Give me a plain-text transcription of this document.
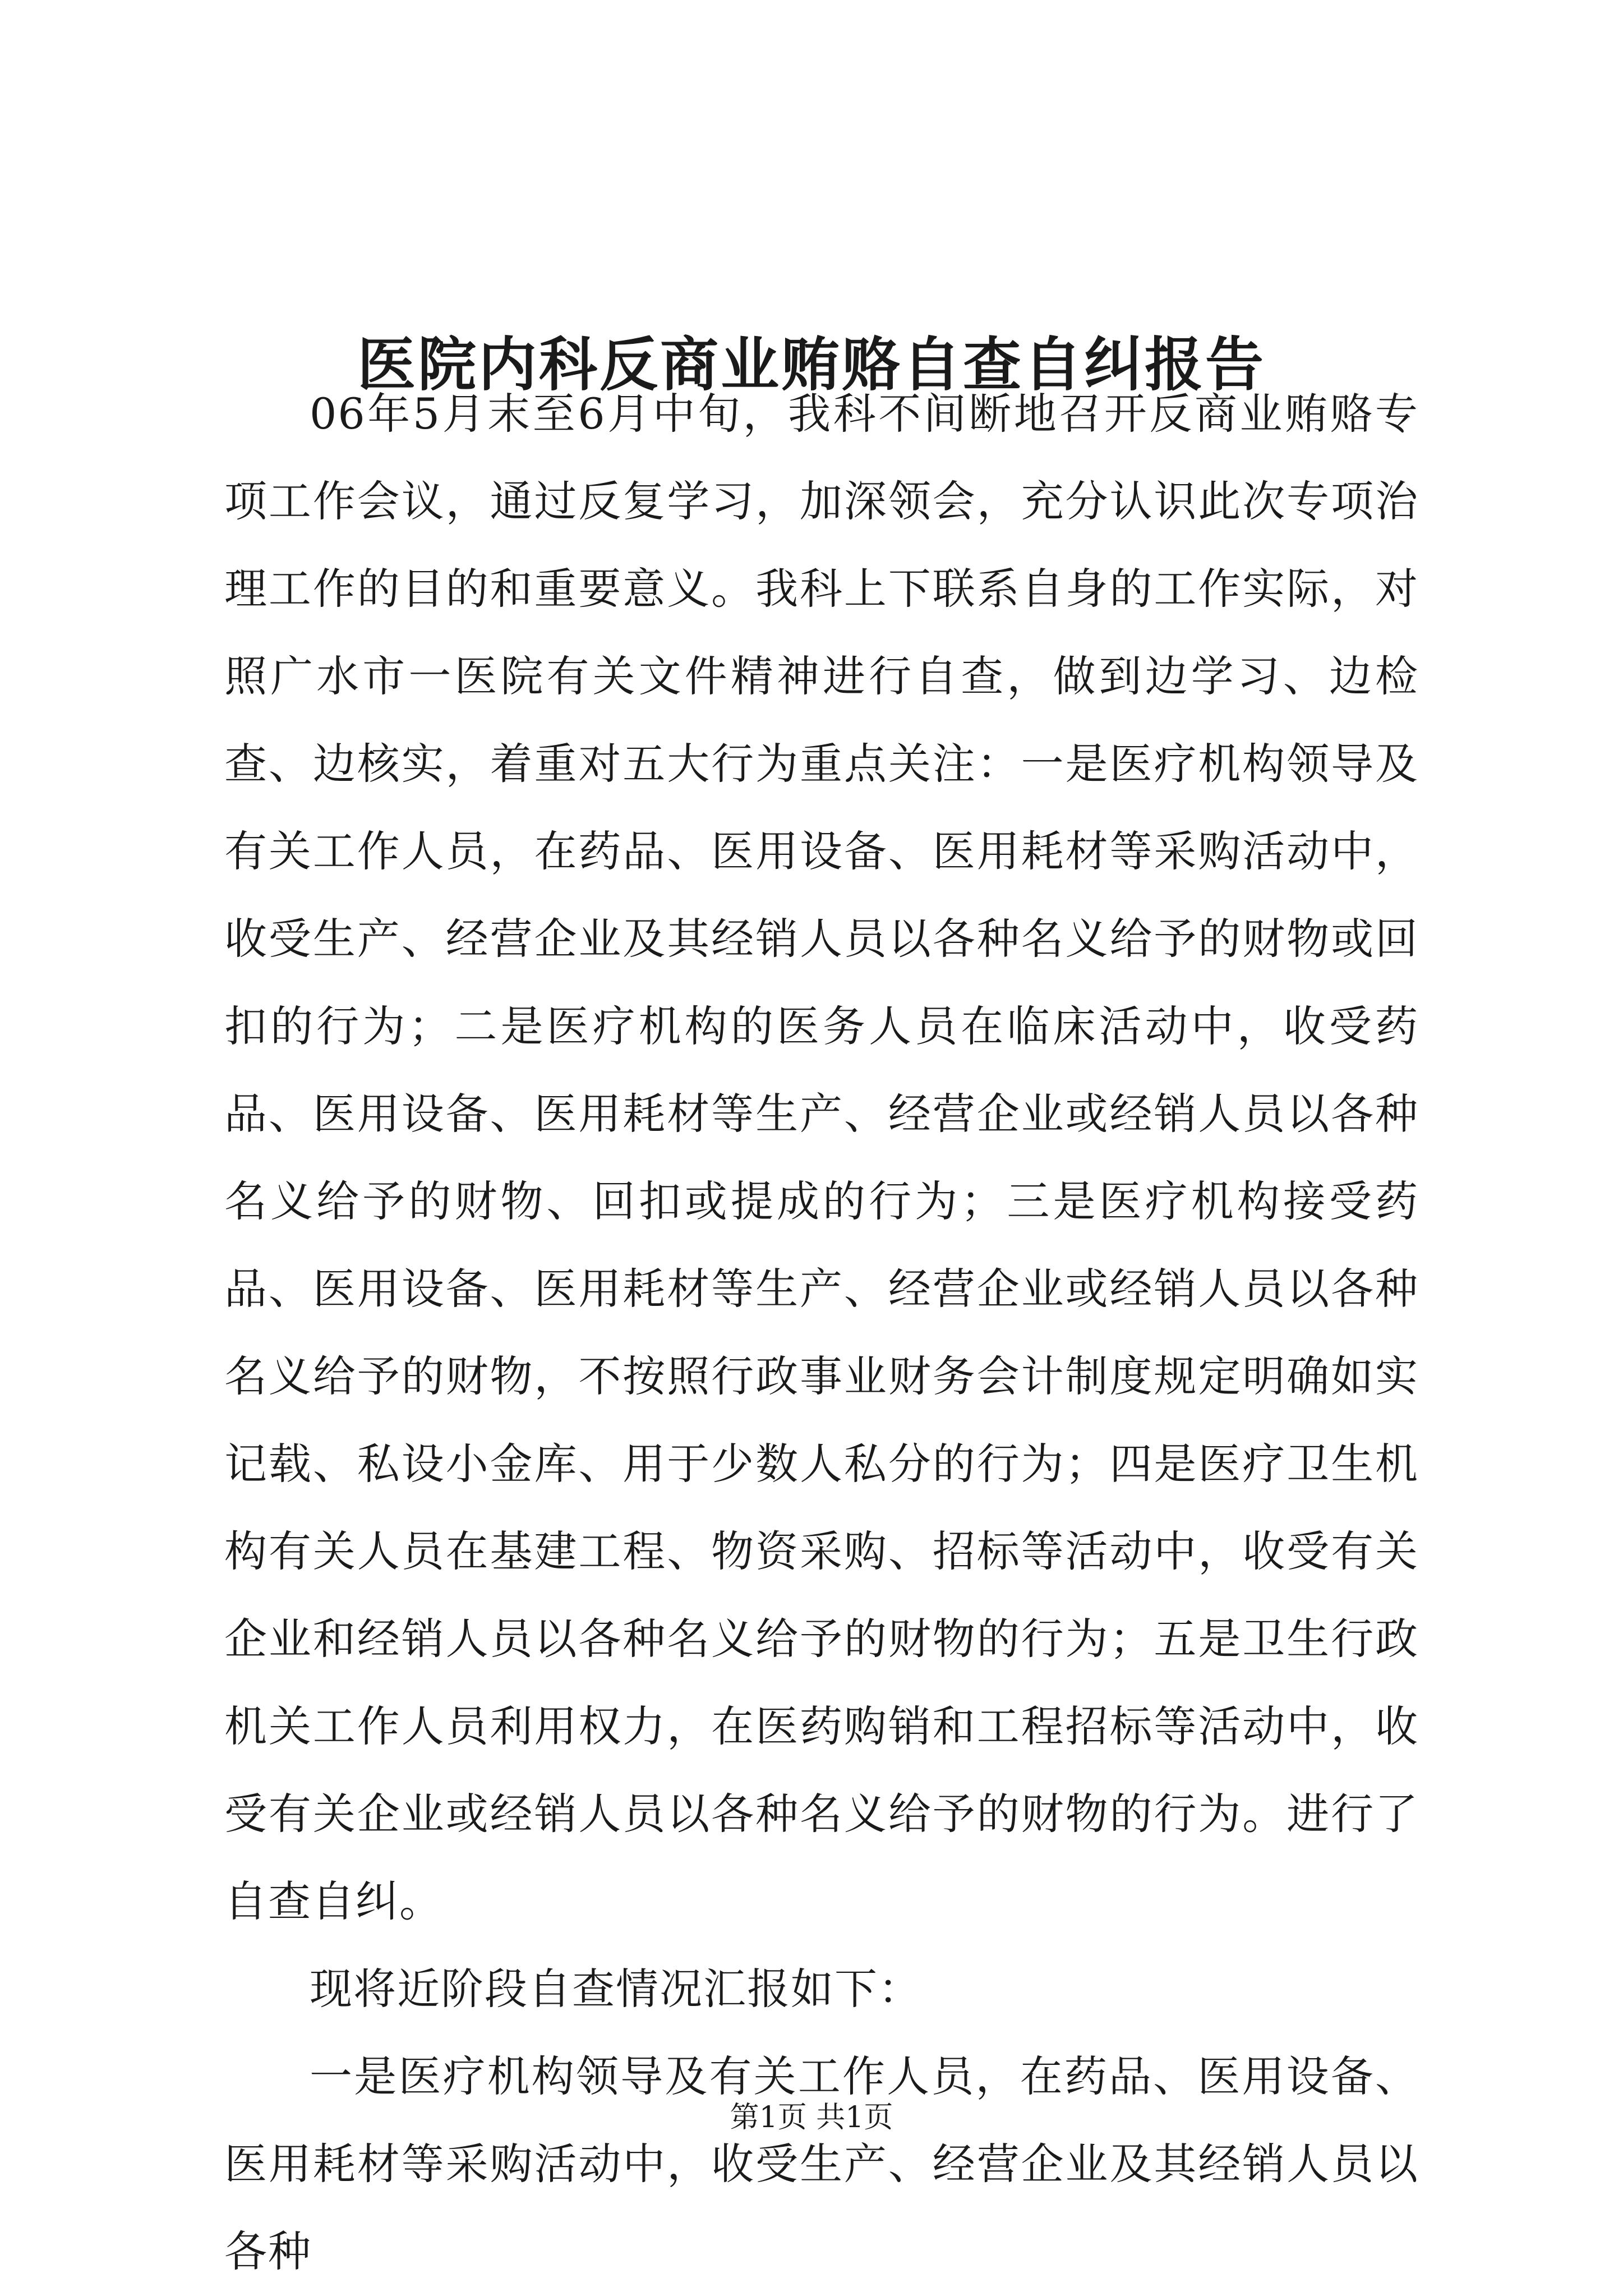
医院内科反商业贿赂自查自纠报告

06年5月末至6月中旬，我科不间断地召开反商业贿赂专项工作会议，通过反复学习，加深领会，充分认识此次专项治理工作的目的和重要意义。我科上下联系自身的工作实际，对照广水市一医院有关文件精神进行自查，做到边学习、边检查、边核实，着重对五大行为重点关注：一是医疗机构领导及有关工作人员，在药品、医用设备、医用耗材等采购活动中，收受生产、经营企业及其经销人员以各种名义给予的财物或回扣的行为；二是医疗机构的医务人员在临床活动中，收受药品、医用设备、医用耗材等生产、经营企业或经销人员以各种名义给予的财物、回扣或提成的行为；三是医疗机构接受药品、医用设备、医用耗材等生产、经营企业或经销人员以各种名义给予的财物，不按照行政事业财务会计制度规定明确如实记载、私设小金库、用于少数人私分的行为；四是医疗卫生机构有关人员在基建工程、物资采购、招标等活动中，收受有关企业和经销人员以各种名义给予的财物的行为；五是卫生行政机关工作人员利用权力，在医药购销和工程招标等活动中，收受有关企业或经销人员以各种名义给予的财物的行为。进行了自查自纠。

现将近阶段自查情况汇报如下：

一是医疗机构领导及有关工作人员，在药品、医用设备、医用耗材等采购活动中，收受生产、经营企业及其经销人员以各种

第1页 共1页
